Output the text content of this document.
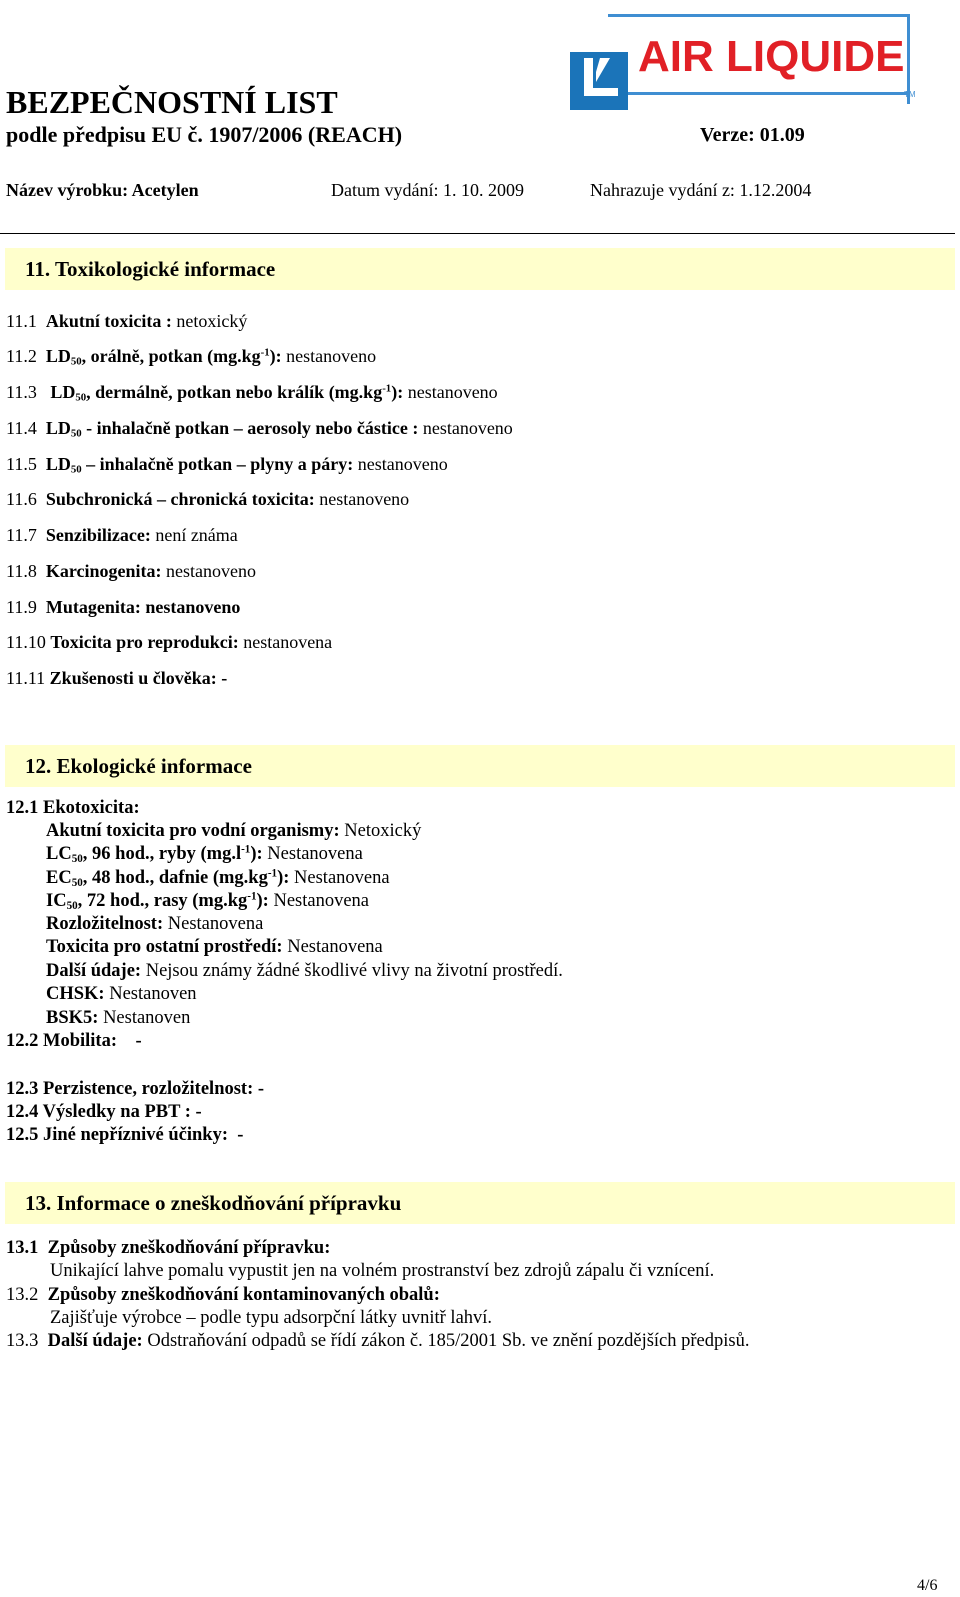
AIR LIQUIDE
TM
BEZPEČNOSTNÍ LIST
podle předpisu EU č. 1907/2006 (REACH)	Verze: 01.09
Název výrobku: Acetylen	Datum vydání: 1. 10. 2009	Nahrazuje vydání z: 1.12.2004
11. Toxikologické informace
11.1 Akutní toxicita : netoxický
11.2 $LD_{50}$, orálně, potkan $(mg.kg^{-1})$: nestanoveno
11.3 $LD_{50}$, dermálně, potkan nebo králík $(mg.kg^{-1})$: nestanoveno
11.4 $LD_{50}$ - inhalačně potkan – aerosoly nebo částice : nestanoveno
11.5 $LD_{50}$ – inhalačně potkan – plyny a páry: nestanoveno
11.6 Subchronická – chronická toxicita: nestanoveno
11.7 Senzibilizace: není známa
11.8 Karcinogenita: nestanoveno
11.9 Mutagenita: nestanoveno
11.10 Toxicita pro reprodukci: nestanovena
11.11 Zkušenosti u člověka: -
12. Ekologické informace
12.1 Ekotoxicita:
Akutní toxicita pro vodní organismy: Netoxický
$LC_{50}$, 96 hod., ryby $(mg.l^{-1})$: Nestanovena
$EC_{50}$, 48 hod., dafnie $(mg.kg^{-1})$: Nestanovena
$IC_{50}$, 72 hod., rasy $(mg.kg^{-1})$: Nestanovena
Rozložitelnost: Nestanovena
Toxicita pro ostatní prostředí: Nestanovena
Další údaje: Nejsou známy žádné škodlivé vlivy na životní prostředí.
CHSK: Nestanoven
BSK5: Nestanoven
12.2 Mobilita:    -
12.3 Perzistence, rozložitelnost: -
12.4 Výsledky na PBT : -
12.5 Jiné nepříznivé účinky:  -
13. Informace o zneškodňování přípravku
13.1 Způsoby zneškodňování přípravku:
Unikající lahve pomalu vypustit jen na volném prostranství bez zdrojů zápalu či vznícení.
13.2 Způsoby zneškodňování kontaminovaných obalů:
Zajišťuje výrobce – podle typu adsorpční látky uvnitř lahví.
13.3 Další údaje: Odstraňování odpadů se řídí zákon č. 185/2001 Sb. ve znění pozdějších předpisů.
4/6
